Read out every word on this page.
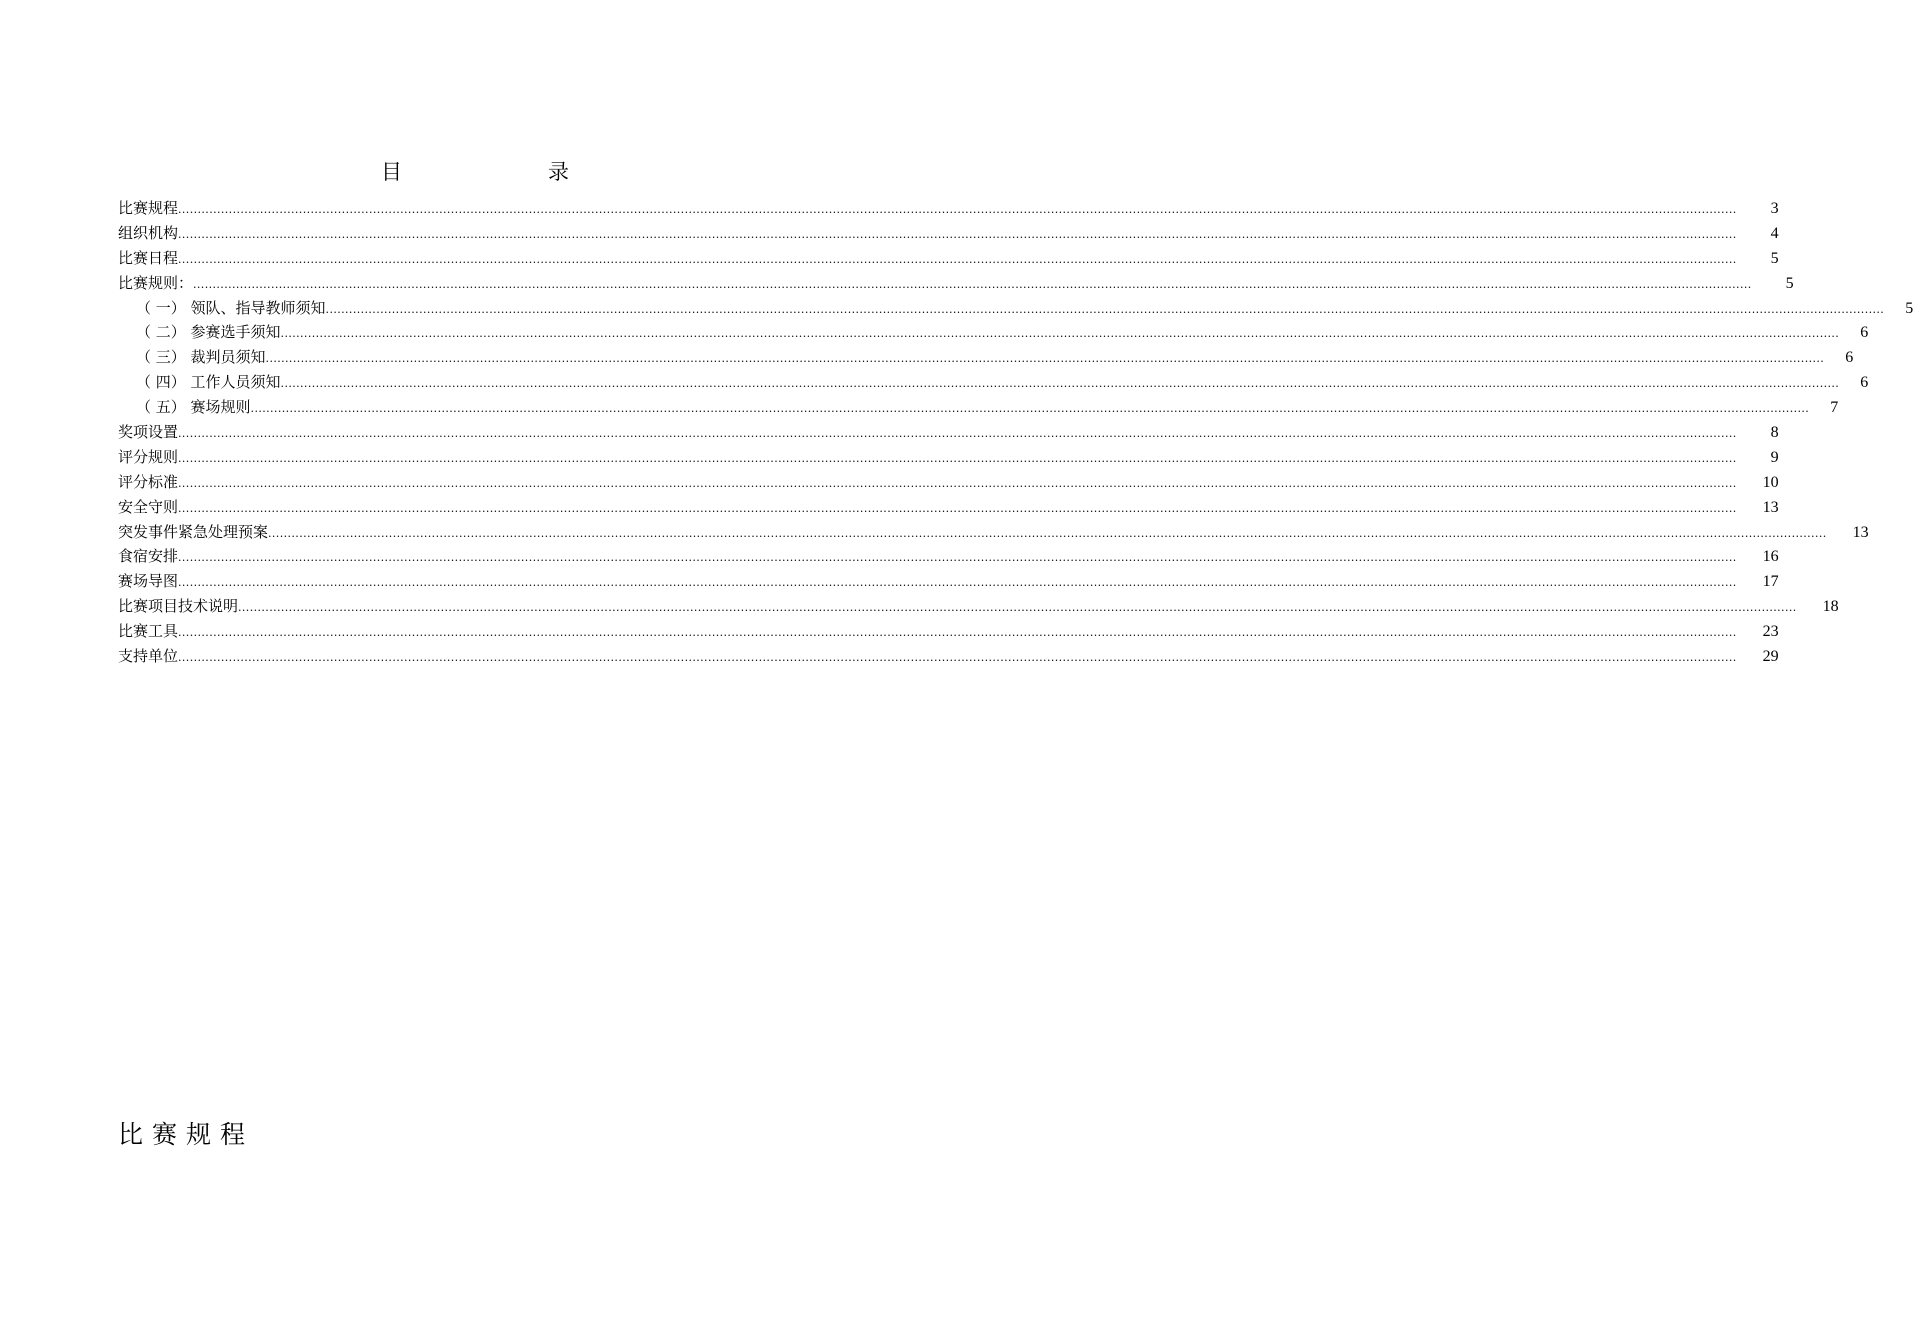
目	录
比赛规程 ................................................................................................................................................................................................................................................................................................................................................................................................................	3
组织机构 ................................................................................................................................................................................................................................................................................................................................................................................................................	4
比赛日程 ................................................................................................................................................................................................................................................................................................................................................................................................................	5
比赛规则： ................................................................................................................................................................................................................................................................................................................................................................................................................	5
（ 一） 领队、指导教师须知 ................................................................................................................................................................................................................................................................................................................................................................................................................ 5
（ 二） 参赛选手须知 ................................................................................................................................................................................................................................................................................................................................................................................................................ 6
（ 三） 裁判员须知 ................................................................................................................................................................................................................................................................................................................................................................................................................ 6
（ 四） 工作人员须知 ................................................................................................................................................................................................................................................................................................................................................................................................................ 6
（ 五） 赛场规则 ................................................................................................................................................................................................................................................................................................................................................................................................................ 7
奖项设置 ................................................................................................................................................................................................................................................................................................................................................................................................................	8
评分规则 ................................................................................................................................................................................................................................................................................................................................................................................................................	9
评分标准 ................................................................................................................................................................................................................................................................................................................................................................................................................	10
安全守则 ................................................................................................................................................................................................................................................................................................................................................................................................................	13
突发事件紧急处理预案 ................................................................................................................................................................................................................................................................................................................................................................................................................	13
食宿安排 ................................................................................................................................................................................................................................................................................................................................................................................................................	16
赛场导图 ................................................................................................................................................................................................................................................................................................................................................................................................................	17
比赛项目技术说明 ................................................................................................................................................................................................................................................................................................................................................................................................................	18
比赛工具 ................................................................................................................................................................................................................................................................................................................................................................................................................	23
支持单位 ................................................................................................................................................................................................................................................................................................................................................................................................................	29
比赛规程
